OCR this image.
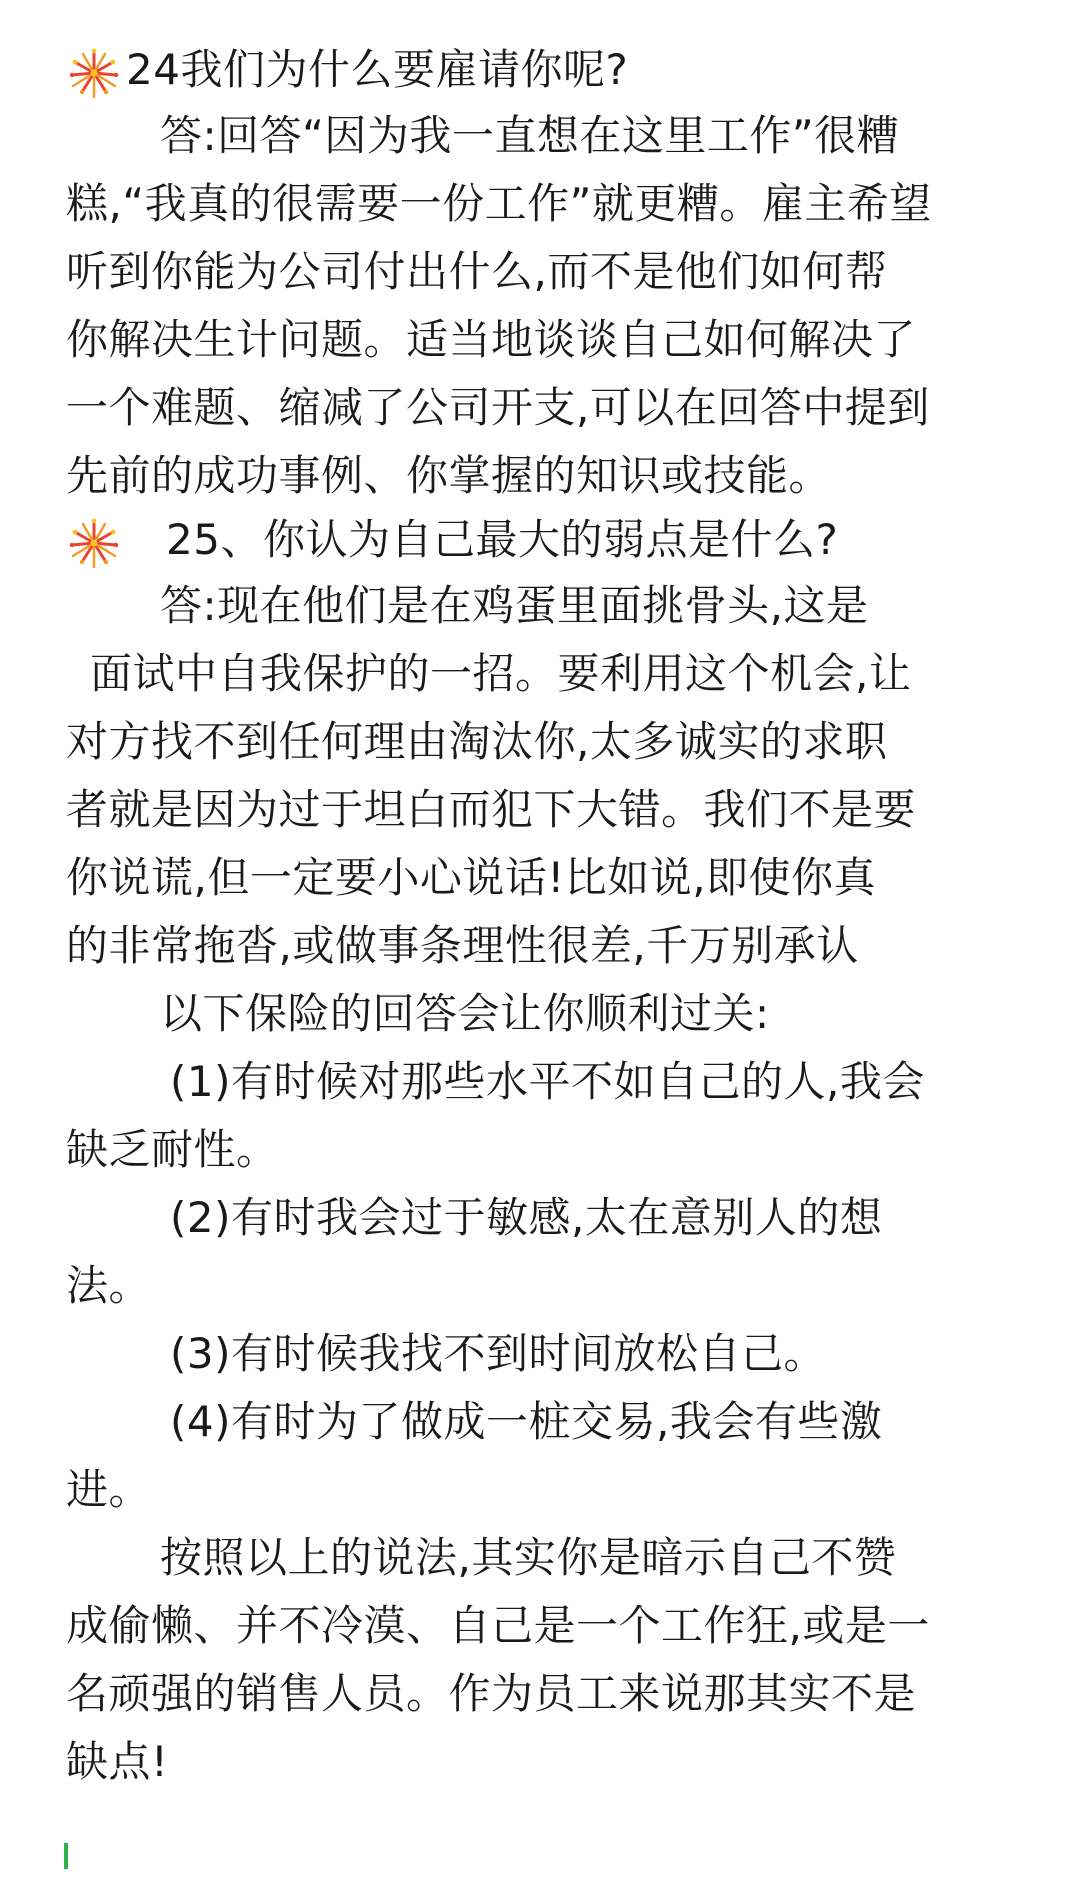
24我们为什么要雇请你呢?
答:回答“因为我一直想在这里工作”很糟
糕,“我真的很需要一份工作”就更糟。雇主希望
听到你能为公司付出什么,而不是他们如何帮
你解决生计问题。适当地谈谈自己如何解决了
一个难题、缩减了公司开支,可以在回答中提到
先前的成功事例、你掌握的知识或技能。
25、你认为自己最大的弱点是什么?
答:现在他们是在鸡蛋里面挑骨头,这是
面试中自我保护的一招。要利用这个机会,让
对方找不到任何理由淘汰你,太多诚实的求职
者就是因为过于坦白而犯下大错。我们不是要
你说谎,但一定要小心说话!比如说,即使你真
的非常拖沓,或做事条理性很差,千万别承认
以下保险的回答会让你顺利过关:
(1)有时候对那些水平不如自己的人,我会
缺乏耐性。
(2)有时我会过于敏感,太在意别人的想
法。
(3)有时候我找不到时间放松自己。
(4)有时为了做成一桩交易,我会有些激
进。
按照以上的说法,其实你是暗示自己不赞
成偷懒、并不冷漠、自己是一个工作狂,或是一
名顽强的销售人员。作为员工来说那其实不是
缺点!
